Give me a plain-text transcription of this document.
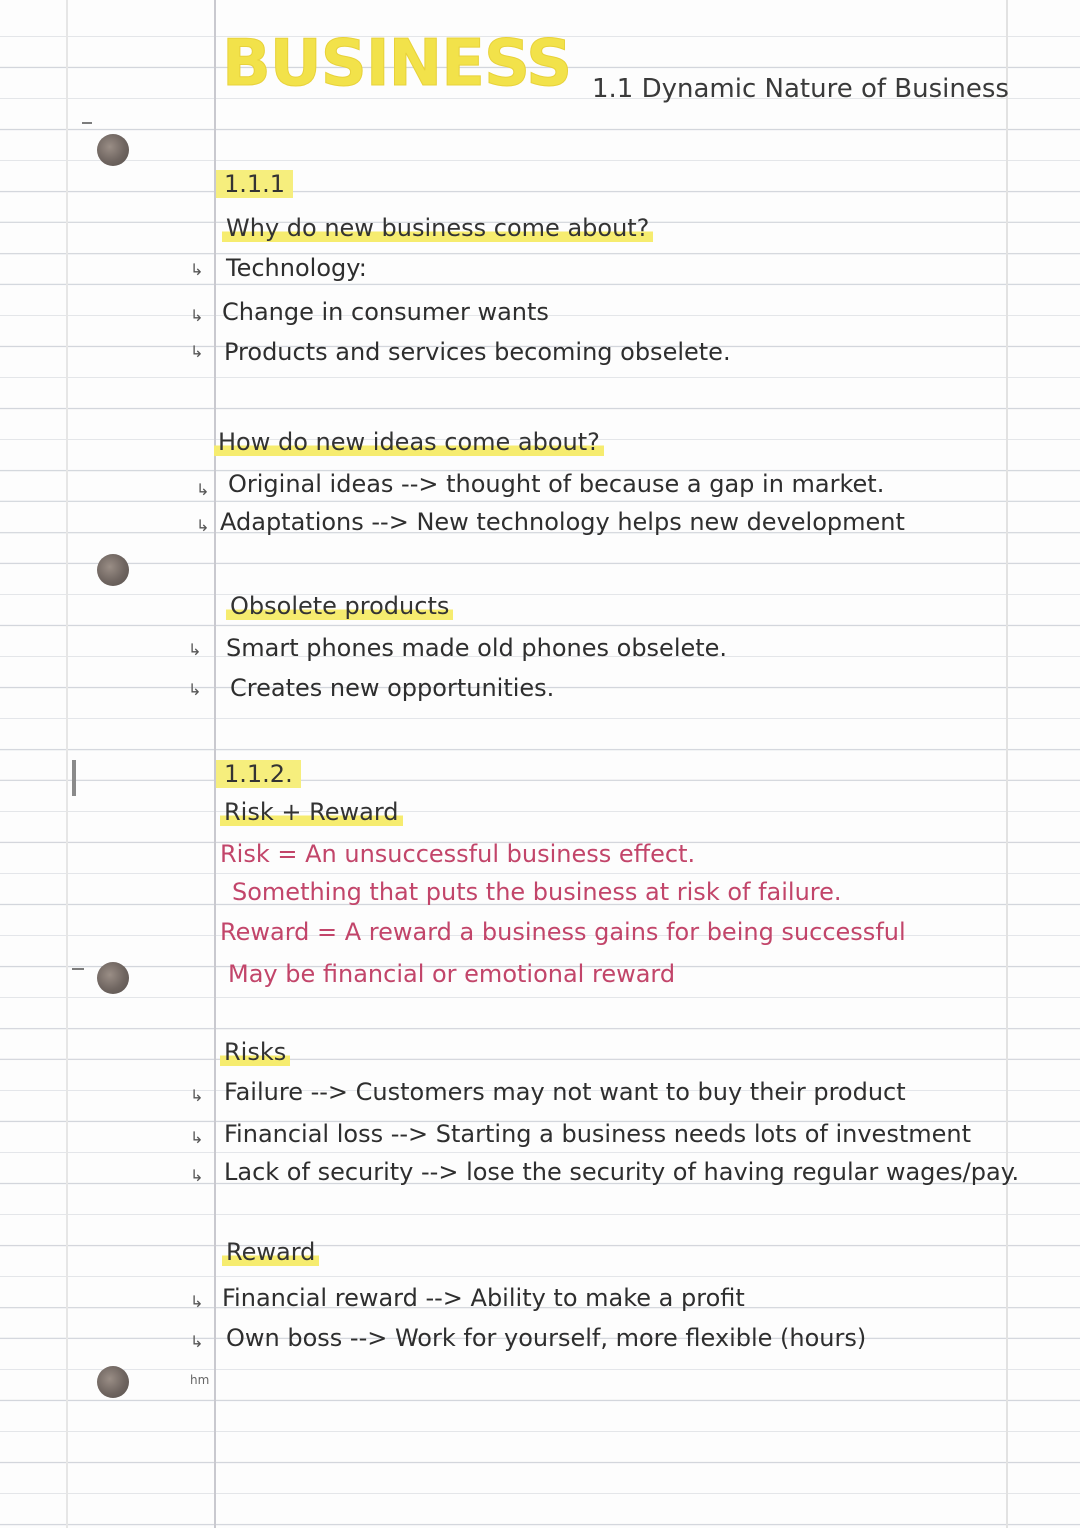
BUSINESS 1.1 Dynamic Nature of Business
1.1.1
Why do new business come about?
↳ Technology:
↳ Change in consumer wants
↳ Products and services becoming obselete.
How do new ideas come about?
↳ Original ideas --> thought of because a gap in market.
↳ Adaptations --> New technology helps new development
Obsolete products
↳ Smart phones made old phones obselete.
↳ Creates new opportunities.
1.1.2.
Risk + Reward
Risk = An unsuccessful business effect.
Something that puts the business at risk of failure.
Reward = A reward a business gains for being successful
May be financial or emotional reward
Risks
↳ Failure --> Customers may not want to buy their product
↳ Financial loss --> Starting a business needs lots of investment
↳ Lack of security --> lose the security of having regular wages/pay.
Reward
↳ Financial reward --> Ability to make a profit
↳ Own boss --> Work for yourself, more flexible (hours)
hm
